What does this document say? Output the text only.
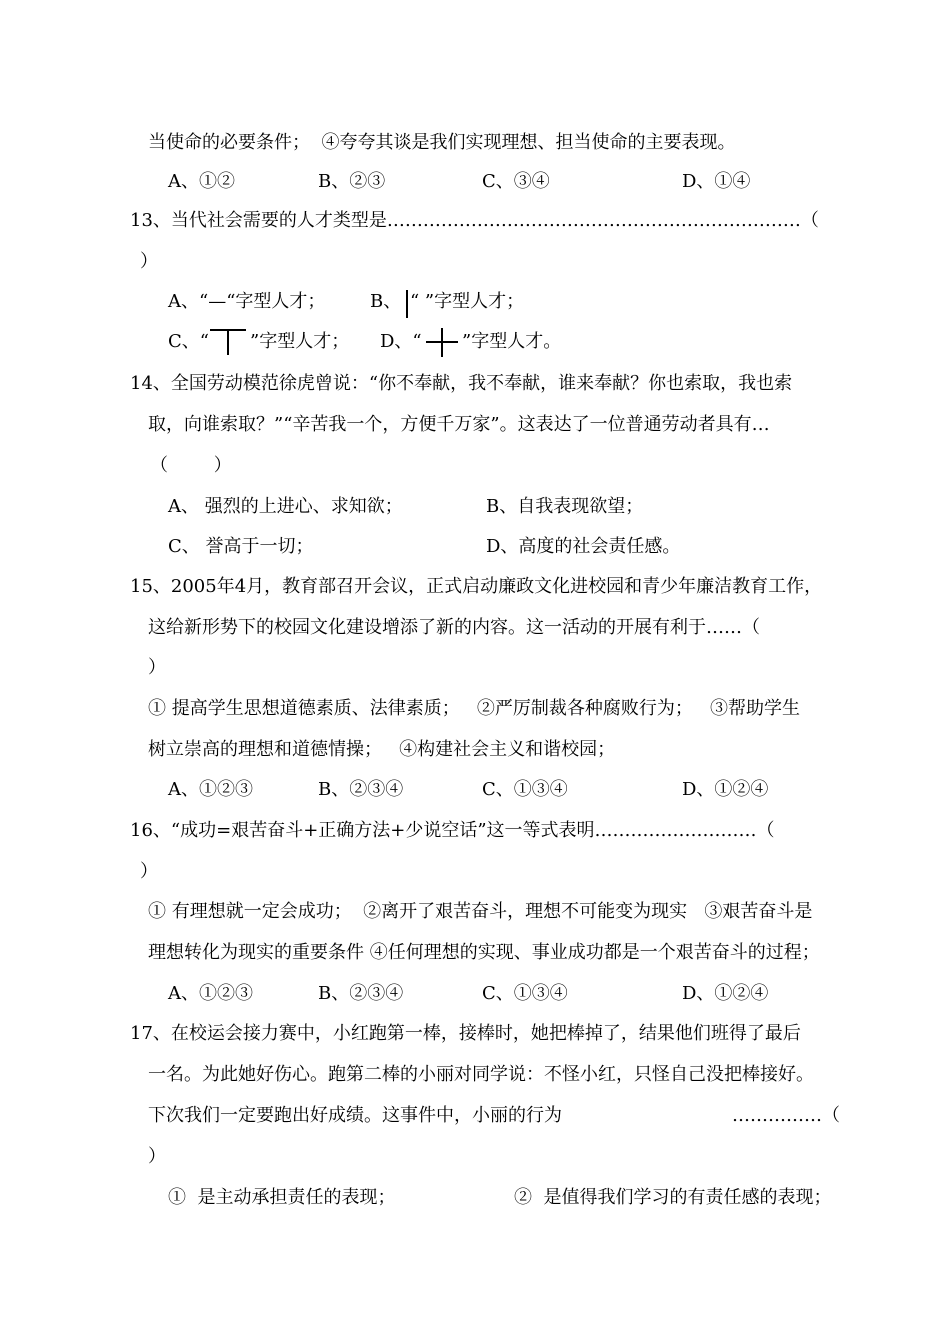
当使命的必要条件；  ④夸夸其谈是我们实现理想、担当使命的主要表现。
A、①②	B、②③	C、③④	D、①④
13、当代社会需要的人才类型是……………………………………………………………（
）
A、“—“字型人才； B、 “ ”字型人才；
C、“ ”字型人才； D、“ ”字型人才。
14、全国劳动模范徐虎曾说：“你不奉献，我不奉献，谁来奉献？你也索取，我也索
取，向谁索取？”“辛苦我一个，方便千万家”。这表达了一位普通劳动者具有…
（        ）
A、 强烈的上进心、求知欲；	B、自我表现欲望；
C、 誉高于一切；	D、高度的社会责任感。
15、2005年4月，教育部召开会议，正式启动廉政文化进校园和青少年廉洁教育工作，
这给新形势下的校园文化建设增添了新的内容。这一活动的开展有利于……（
）
① 提高学生思想道德素质、法律素质；   ②严厉制裁各种腐败行为；   ③帮助学生
树立崇高的理想和道德情操；   ④构建社会主义和谐校园；
A、①②③	B、②③④	C、①③④	D、①②④
16、“成功=艰苦奋斗+正确方法+少说空话”这一等式表明………………………（
）
① 有理想就一定会成功；  ②离开了艰苦奋斗，理想不可能变为现实   ③艰苦奋斗是
理想转化为现实的重要条件 ④任何理想的实现、事业成功都是一个艰苦奋斗的过程；
A、①②③	B、②③④	C、①③④	D、①②④
17、在校运会接力赛中，小红跑第一棒，接棒时，她把棒掉了，结果他们班得了最后
一名。为此她好伤心。跑第二棒的小丽对同学说：不怪小红，只怪自己没把棒接好。
下次我们一定要跑出好成绩。这事件中，小丽的行为	……………（
）
①  是主动承担责任的表现；	②  是值得我们学习的有责任感的表现；
